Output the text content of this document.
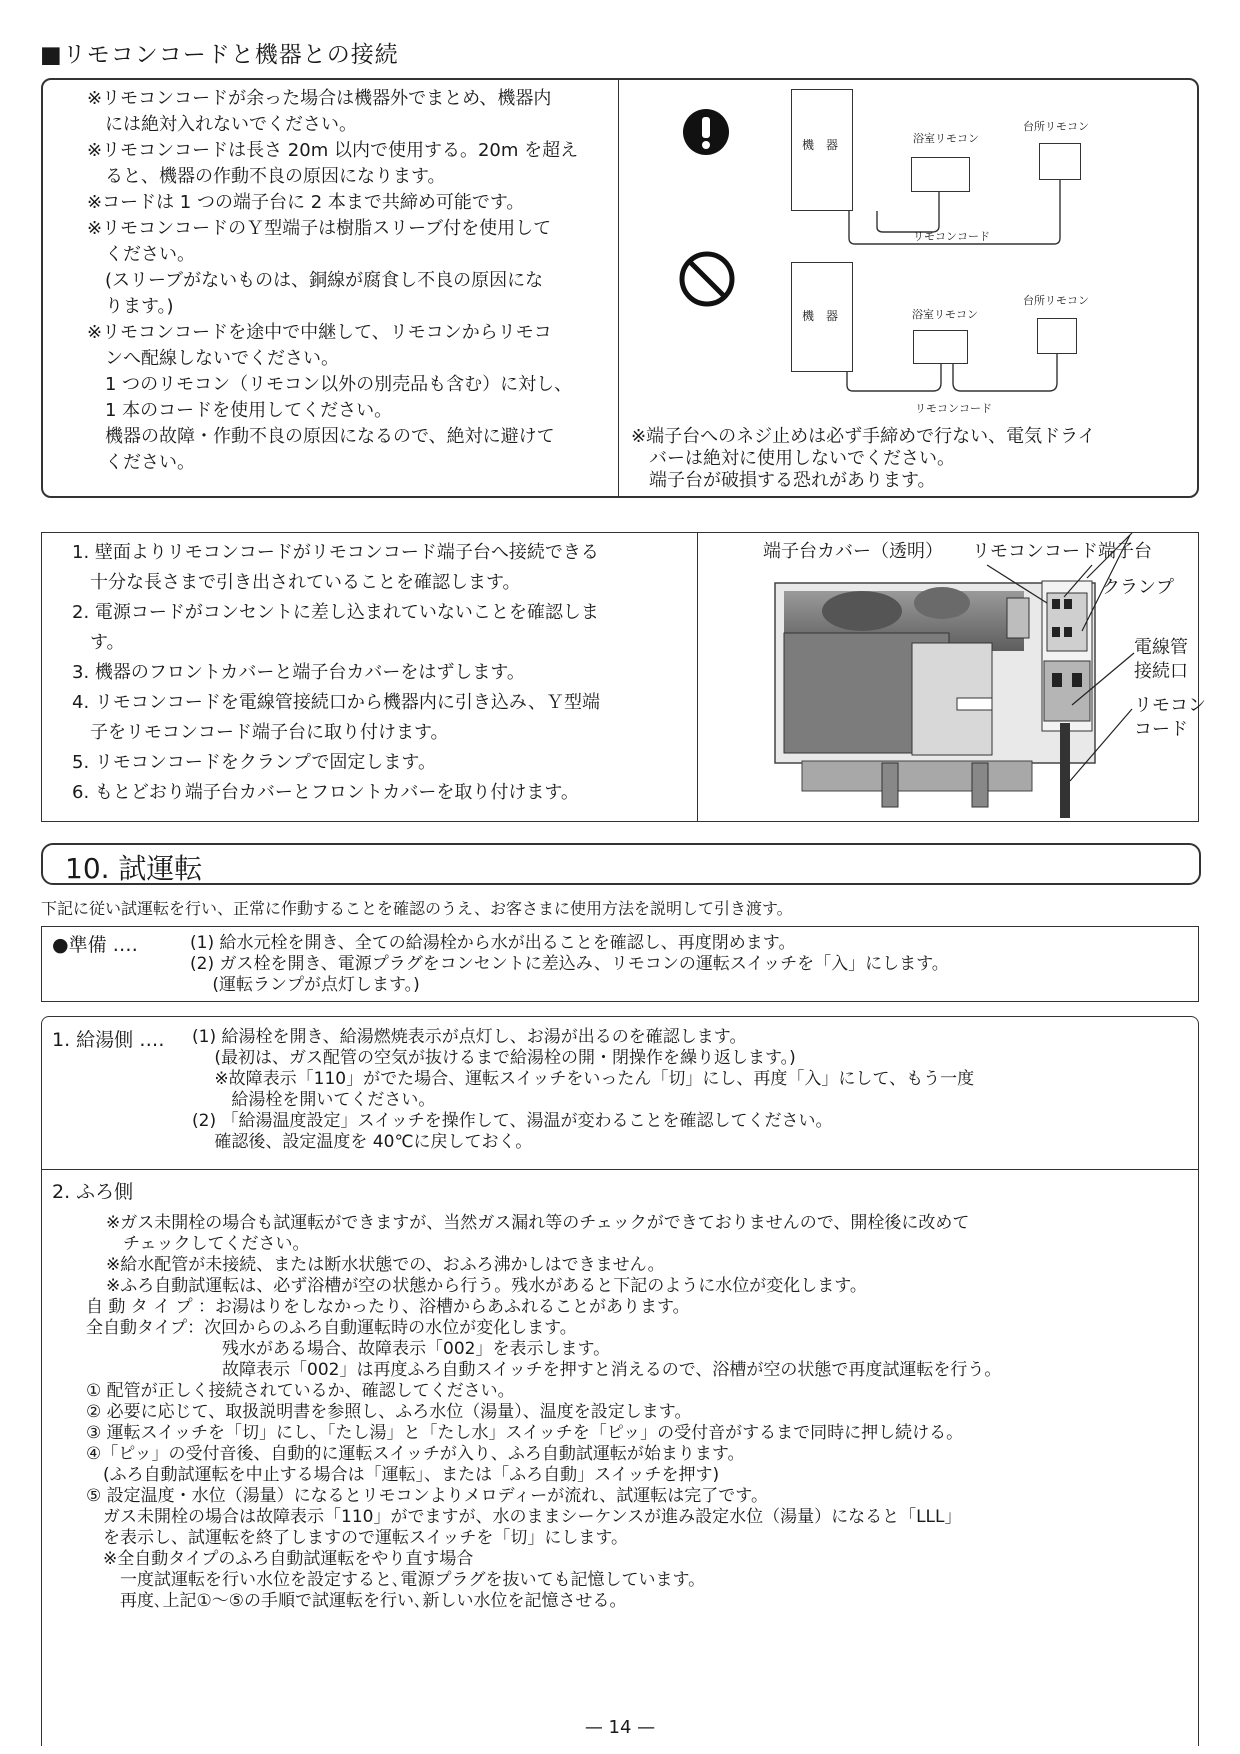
■リモコンコードと機器との接続
※リモコンコードが余った場合は機器外でまとめ、機器内
　には絶対入れないでください。
※リモコンコードは長さ 20m 以内で使用する。20m を超え
　ると、機器の作動不良の原因になります。
※コードは 1 つの端子台に 2 本まで共締め可能です。
※リモコンコードのＹ型端子は樹脂スリーブ付を使用して
　ください。
　(スリーブがないものは、銅線が腐食し不良の原因にな
　ります。)
※リモコンコードを途中で中継して、リモコンからリモコ
　ンへ配線しないでください。
　1 つのリモコン（リモコン以外の別売品も含む）に対し、
　1 本のコードを使用してください。
　機器の故障・作動不良の原因になるので、絶対に避けて
　ください。
機　器	浴室リモコン
台所リモコン
リモコンコード
機　器	浴室リモコン
台所リモコン
リモコンコード
※端子台へのネジ止めは必ず手締めで行ない、電気ドライ
　バーは絶対に使用しないでください。
　端子台が破損する恐れがあります。
1. 壁面よりリモコンコードがリモコンコード端子台へ接続できる
　十分な長さまで引き出されていることを確認します。
2. 電源コードがコンセントに差し込まれていないことを確認しま
　す。
3. 機器のフロントカバーと端子台カバーをはずします。
4. リモコンコードを電線管接続口から機器内に引き込み、Ｙ型端
　子をリモコンコード端子台に取り付けます。
5. リモコンコードをクランプで固定します。
6. もとどおり端子台カバーとフロントカバーを取り付けます。
端子台カバー（透明） リモコンコード端子台
クランプ
電線管
接続口
リモコン
コード
10. 試運転
下記に従い試運転を行い、正常に作動することを確認のうえ、お客さまに使用方法を説明して引き渡す。
●準備 ‥‥	(1) 給水元栓を開き、全ての給湯栓から水が出ることを確認し、再度閉めます。
(2) ガス栓を開き、電源プラグをコンセントに差込み、リモコンの運転スイッチを「入」にします。
　 (運転ランプが点灯します。)
1. 給湯側 ‥‥ (1) 給湯栓を開き、給湯燃焼表示が点灯し、お湯が出るのを確認します。
　 (最初は、ガス配管の空気が抜けるまで給湯栓の開・閉操作を繰り返します。)
　 ※故障表示「110」がでた場合、運転スイッチをいったん「切」にし、再度「入」にして、もう一度
　 　給湯栓を開いてください。
(2) 「給湯温度設定」スイッチを操作して、湯温が変わることを確認してください。
　 確認後、設定温度を 40℃に戻しておく。
2. ふろ側
※ガス未開栓の場合も試運転ができますが、当然ガス漏れ等のチェックができておりませんので、開栓後に改めて
　チェックしてください。
※給水配管が未接続、または断水状態での、おふろ沸かしはできません。
※ふろ自動試運転は、必ず浴槽が空の状態から行う。残水があると下記のように水位が変化します。
自 動 タ イ プ ：お湯はりをしなかったり、浴槽からあふれることがあります。
全自動タイプ：次回からのふろ自動運転時の水位が変化します。
　　　　　　　　残水がある場合、故障表示「002」を表示します。
　　　　　　　　故障表示「002」は再度ふろ自動スイッチを押すと消えるので、浴槽が空の状態で再度試運転を行う。
① 配管が正しく接続されているか、確認してください。
② 必要に応じて、取扱説明書を参照し、ふろ水位（湯量）、温度を設定します。
③ 運転スイッチを「切」にし、「たし湯」と「たし水」スイッチを「ピッ」の受付音がするまで同時に押し続ける。
④「ピッ」の受付音後、自動的に運転スイッチが入り、ふろ自動試運転が始まります。
　(ふろ自動試運転を中止する場合は「運転」、または「ふろ自動」スイッチを押す)
⑤ 設定温度・水位（湯量）になるとリモコンよりメロディーが流れ、試運転は完了です。
　ガス未開栓の場合は故障表示「110」がでますが、水のままシーケンスが進み設定水位（湯量）になると「LLL」
　を表示し、試運転を終了しますので運転スイッチを「切」にします。
　※全自動タイプのふろ自動試運転をやり直す場合
　　一度試運転を行い水位を設定すると､電源プラグを抜いても記憶しています。
　　再度､上記①～⑤の手順で試運転を行い､新しい水位を記憶させる。
— 14 —
